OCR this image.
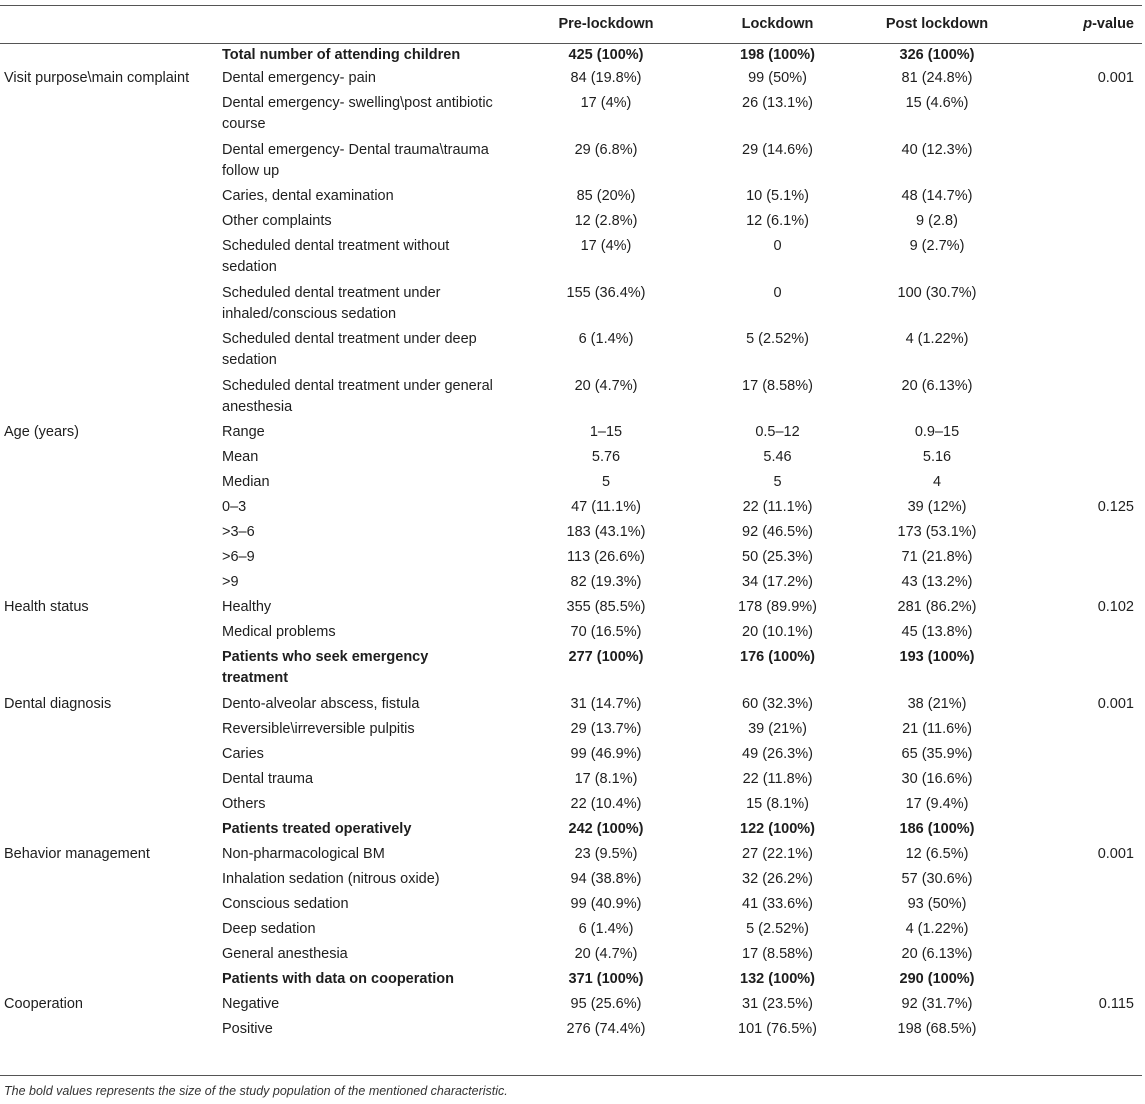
		Pre-lockdown	Lockdown	Post lockdown	p-value
	Total number of attending children	425 (100%)	198 (100%)	326 (100%)	
Visit purpose\main complaint	Dental emergency- pain	84 (19.8%)	99 (50%)	81 (24.8%)	0.001
	Dental emergency- swelling\post antibiotic course	17 (4%)	26 (13.1%)	15 (4.6%)	
	Dental emergency- Dental trauma\trauma follow up	29 (6.8%)	29 (14.6%)	40 (12.3%)	
	Caries, dental examination	85 (20%)	10 (5.1%)	48 (14.7%)	
	Other complaints	12 (2.8%)	12 (6.1%)	9 (2.8)	
	Scheduled dental treatment without sedation	17 (4%)	0	9 (2.7%)	
	Scheduled dental treatment under inhaled/conscious sedation	155 (36.4%)	0	100 (30.7%)	
	Scheduled dental treatment under deep sedation	6 (1.4%)	5 (2.52%)	4 (1.22%)	
	Scheduled dental treatment under general anesthesia	20 (4.7%)	17 (8.58%)	20 (6.13%)	
Age (years)	Range	1–15	0.5–12	0.9–15	
	Mean	5.76	5.46	5.16	
	Median	5	5	4	
	0–3	47 (11.1%)	22 (11.1%)	39 (12%)	0.125
	>3–6	183 (43.1%)	92 (46.5%)	173 (53.1%)	
	>6–9	113 (26.6%)	50 (25.3%)	71 (21.8%)	
	>9	82 (19.3%)	34 (17.2%)	43 (13.2%)	
Health status	Healthy	355 (85.5%)	178 (89.9%)	281 (86.2%)	0.102
	Medical problems	70 (16.5%)	20 (10.1%)	45 (13.8%)	
	Patients who seek emergency treatment	277 (100%)	176 (100%)	193 (100%)	
Dental diagnosis	Dento-alveolar abscess, fistula	31 (14.7%)	60 (32.3%)	38 (21%)	0.001
	Reversible\irreversible pulpitis	29 (13.7%)	39 (21%)	21 (11.6%)	
	Caries	99 (46.9%)	49 (26.3%)	65 (35.9%)	
	Dental trauma	17 (8.1%)	22 (11.8%)	30 (16.6%)	
	Others	22 (10.4%)	15 (8.1%)	17 (9.4%)	
	Patients treated operatively	242 (100%)	122 (100%)	186 (100%)	
Behavior management	Non-pharmacological BM	23 (9.5%)	27 (22.1%)	12 (6.5%)	0.001
	Inhalation sedation (nitrous oxide)	94 (38.8%)	32 (26.2%)	57 (30.6%)	
	Conscious sedation	99 (40.9%)	41 (33.6%)	93 (50%)	
	Deep sedation	6 (1.4%)	5 (2.52%)	4 (1.22%)	
	General anesthesia	20 (4.7%)	17 (8.58%)	20 (6.13%)	
	Patients with data on cooperation	371 (100%)	132 (100%)	290 (100%)	
Cooperation	Negative	95 (25.6%)	31 (23.5%)	92 (31.7%)	0.115
	Positive	276 (74.4%)	101 (76.5%)	198 (68.5%)	
The bold values represents the size of the study population of the mentioned characteristic.
